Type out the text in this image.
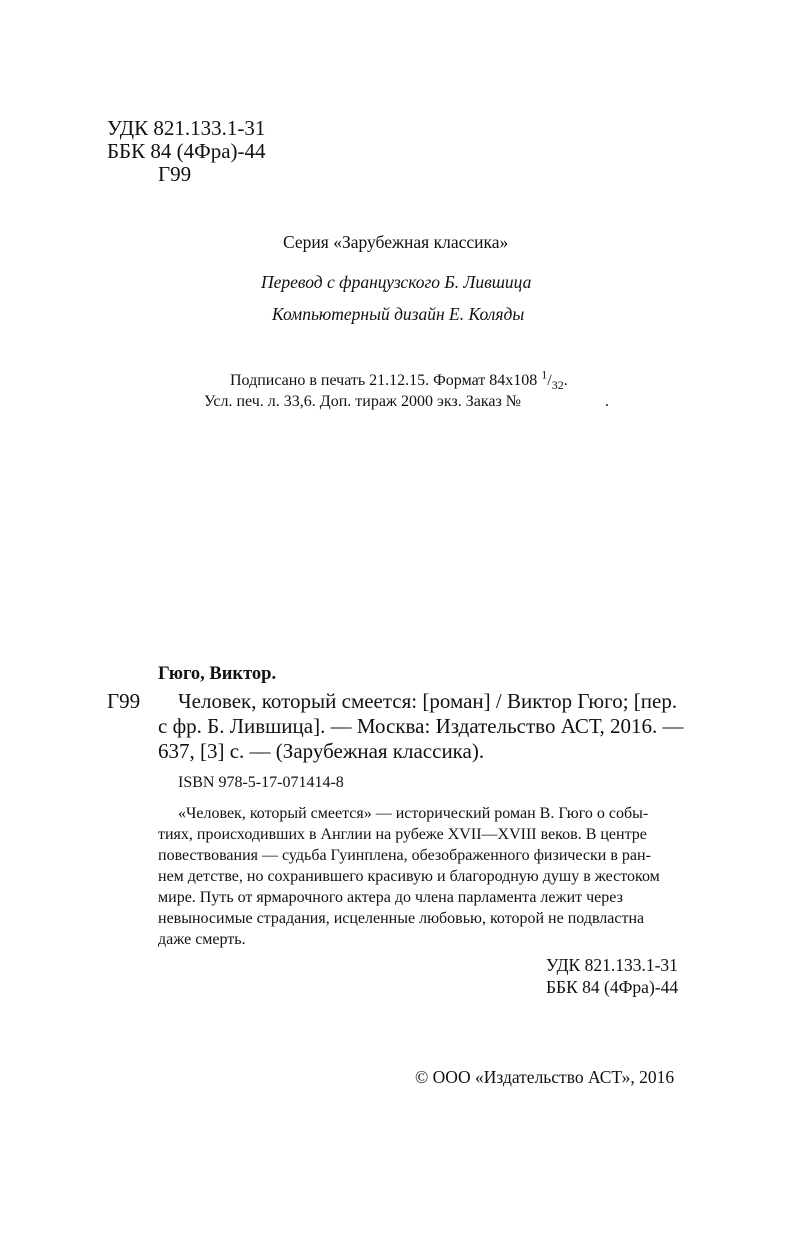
УДК 821.133.1-31
ББК 84 (4Фра)-44
Г99
Серия «Зарубежная классика»
Перевод с французского Б. Лившица
Компьютерный дизайн Е. Коляды
Подписано в печать 21.12.15. Формат 84x108 $^1/_{32}$.
Усл. печ. л. 33,6. Доп. тираж 2000 экз. Заказ №	.
Гюго, Виктор.
Г99 Человек, который смеется: [роман] / Виктор Гюго; [пер.
с фр. Б. Лившица]. — Москва: Издательство АСТ, 2016. —
637, [3] с. — (Зарубежная классика).
ISBN 978-5-17-071414-8
«Человек, который смеется» — исторический роман В. Гюго о собы-
тиях, происходивших в Англии на рубеже XVII—XVIII веков. В центре
повествования — судьба Гуинплена, обезображенного физически в ран-
нем детстве, но сохранившего красивую и благородную душу в жестоком
мире. Путь от ярмарочного актера до члена парламента лежит через
невыносимые страдания, исцеленные любовью, которой не подвластна
даже смерть.
УДК 821.133.1-31
ББК 84 (4Фра)-44
© ООО «Издательство АСТ», 2016
